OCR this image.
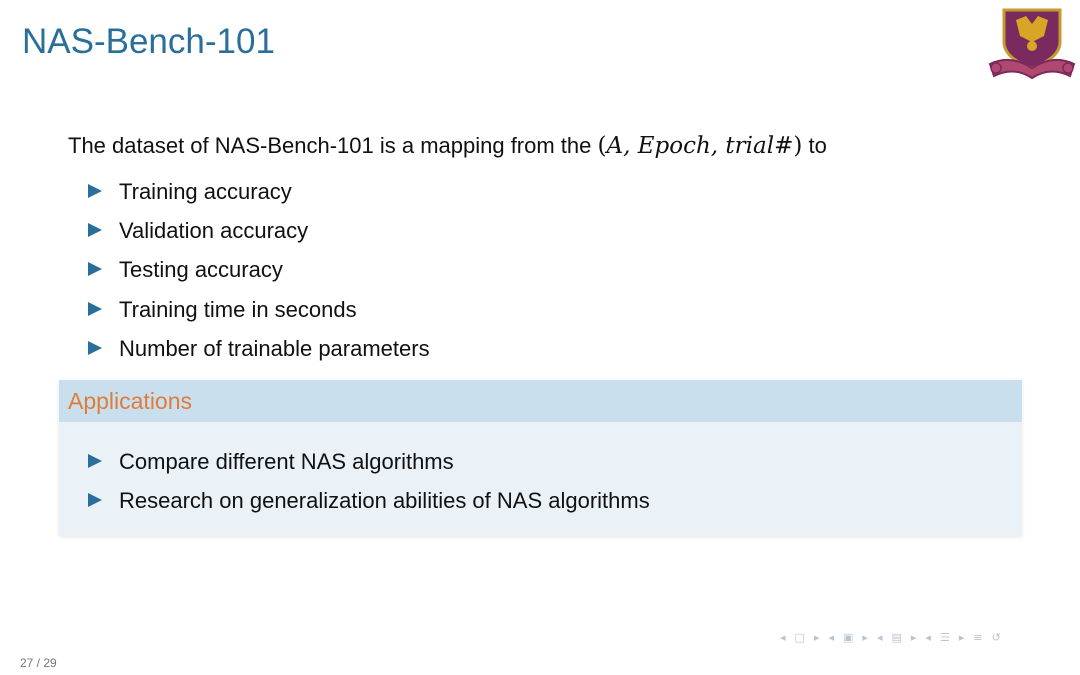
NAS-Bench-101
The dataset of NAS-Bench-101 is a mapping from the (A, Epoch, trial#) to
Training accuracy
Validation accuracy
Testing accuracy
Training time in seconds
Number of trainable parameters
Applications
Compare different NAS algorithms
Research on generalization abilities of NAS algorithms
◂ □ ▸ ◂ ▣ ▸ ◂ ▤ ▸ ◂ ☰ ▸ ≡ ↺
27 / 29
